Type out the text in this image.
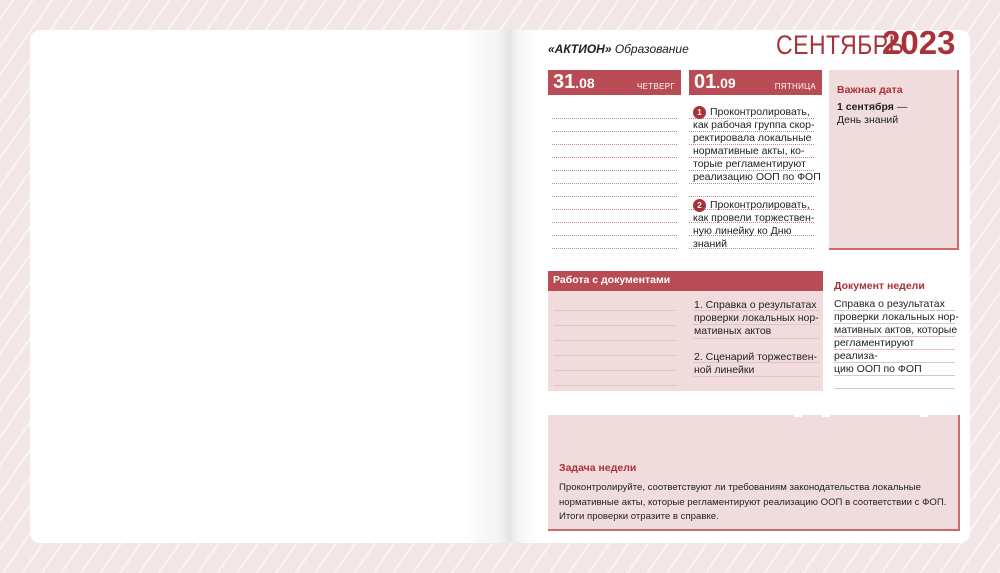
«АКТИОН» Образование	СЕНТЯБРЬ
2023
31.08	ЧЕТВЕРГ 01.09	ПЯТНИЦА
1 Проконтролировать,
как рабочая группа скор-
ректировала локальные
нормативные акты, ко-
торые регламентируют
реализацию ООП по ФОП
2 Проконтролировать,
как провели торжествен-
ную линейку ко Дню
знаний
Важная дата
1 сентября —
День знаний
Работа с документами
1. Справка о результатах
проверки локальных нор-
мативных актов
2. Сценарий торжествен-
ной линейки
Документ недели
Справка о результатах
проверки локальных нор-
мативных актов, которые
регламентируют реализа-
цию ООП по ФОП
Задача недели
Проконтролируйте, соответствуют ли требованиям законодательства локальные
нормативные акты, которые регламентируют реализацию ООП в соответствии с ФОП.
Итоги проверки отразите в справке.
